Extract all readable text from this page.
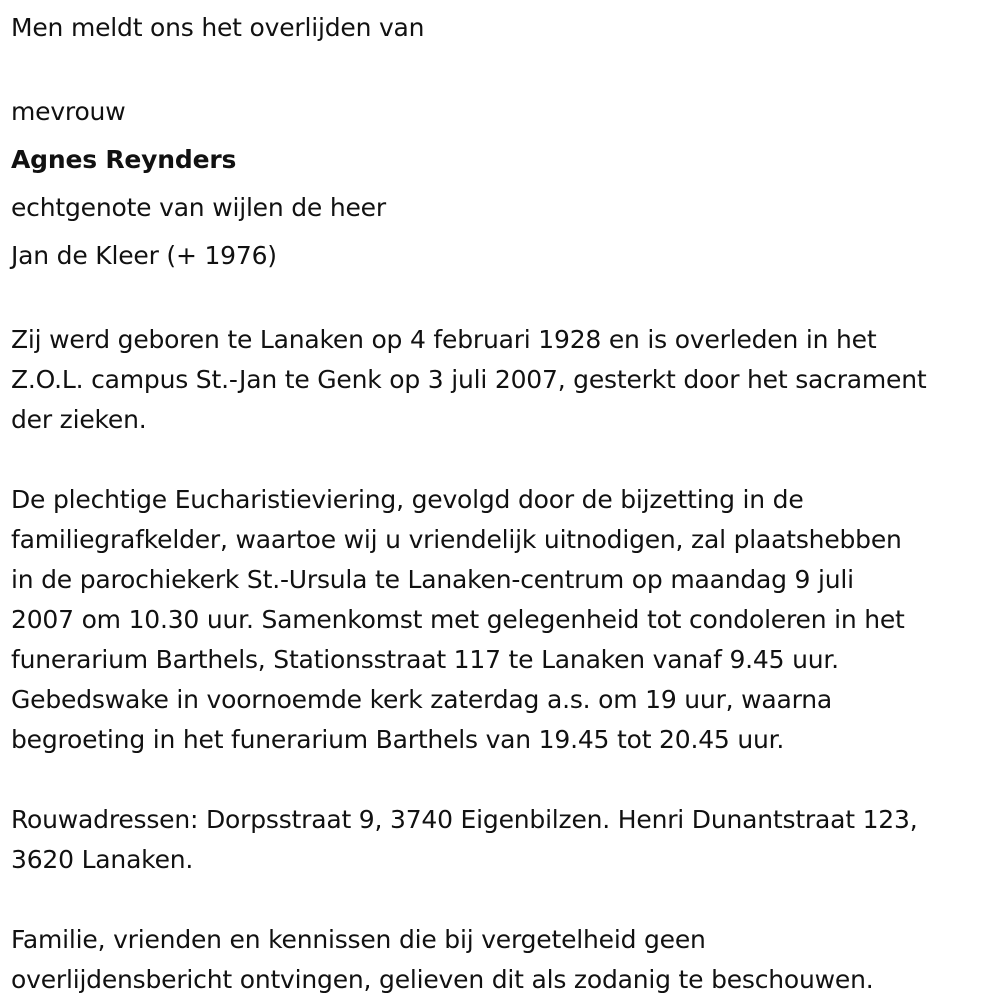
Men meldt ons het overlijden van

mevrouw

Agnes Reynders

echtgenote van wijlen de heer

Jan de Kleer (+ 1976)

Zij werd geboren te Lanaken op 4 februari 1928 en is overleden in het

Z.O.L. campus St.-Jan te Genk op 3 juli 2007, gesterkt door het sacrament

der zieken.

De plechtige Eucharistieviering, gevolgd door de bijzetting in de

familiegrafkelder, waartoe wij u vriendelijk uitnodigen, zal plaatshebben

in de parochiekerk St.-Ursula te Lanaken-centrum op maandag 9 juli

2007 om 10.30 uur. Samenkomst met gelegenheid tot condoleren in het

funerarium Barthels, Stationsstraat 117 te Lanaken vanaf 9.45 uur.

Gebedswake in voornoemde kerk zaterdag a.s. om 19 uur, waarna

begroeting in het funerarium Barthels van 19.45 tot 20.45 uur.

Rouwadressen: Dorpsstraat 9, 3740 Eigenbilzen. Henri Dunantstraat 123,

3620 Lanaken.

Familie, vrienden en kennissen die bij vergetelheid geen

overlijdensbericht ontvingen, gelieven dit als zodanig te beschouwen.
